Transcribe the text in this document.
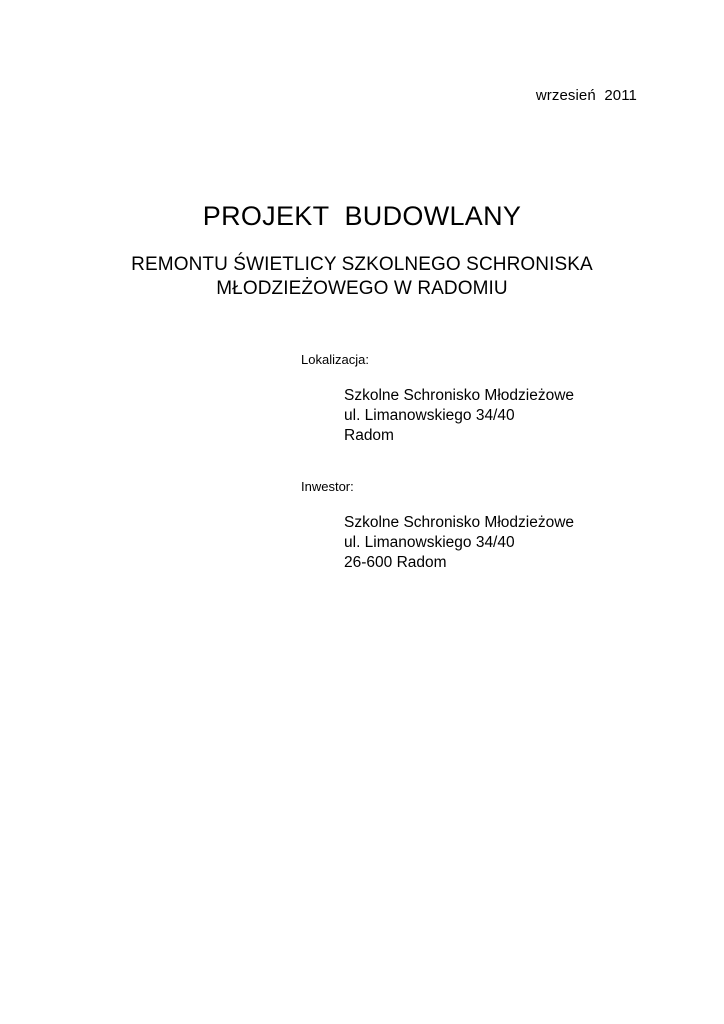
wrzesień  2011
PROJEKT  BUDOWLANY
REMONTU ŚWIETLICY SZKOLNEGO SCHRONISKA
MŁODZIEŻOWEGO W RADOMIU
Lokalizacja:
Szkolne Schronisko Młodzieżowe
ul. Limanowskiego 34/40
Radom
Inwestor:
Szkolne Schronisko Młodzieżowe
ul. Limanowskiego 34/40
26-600 Radom
